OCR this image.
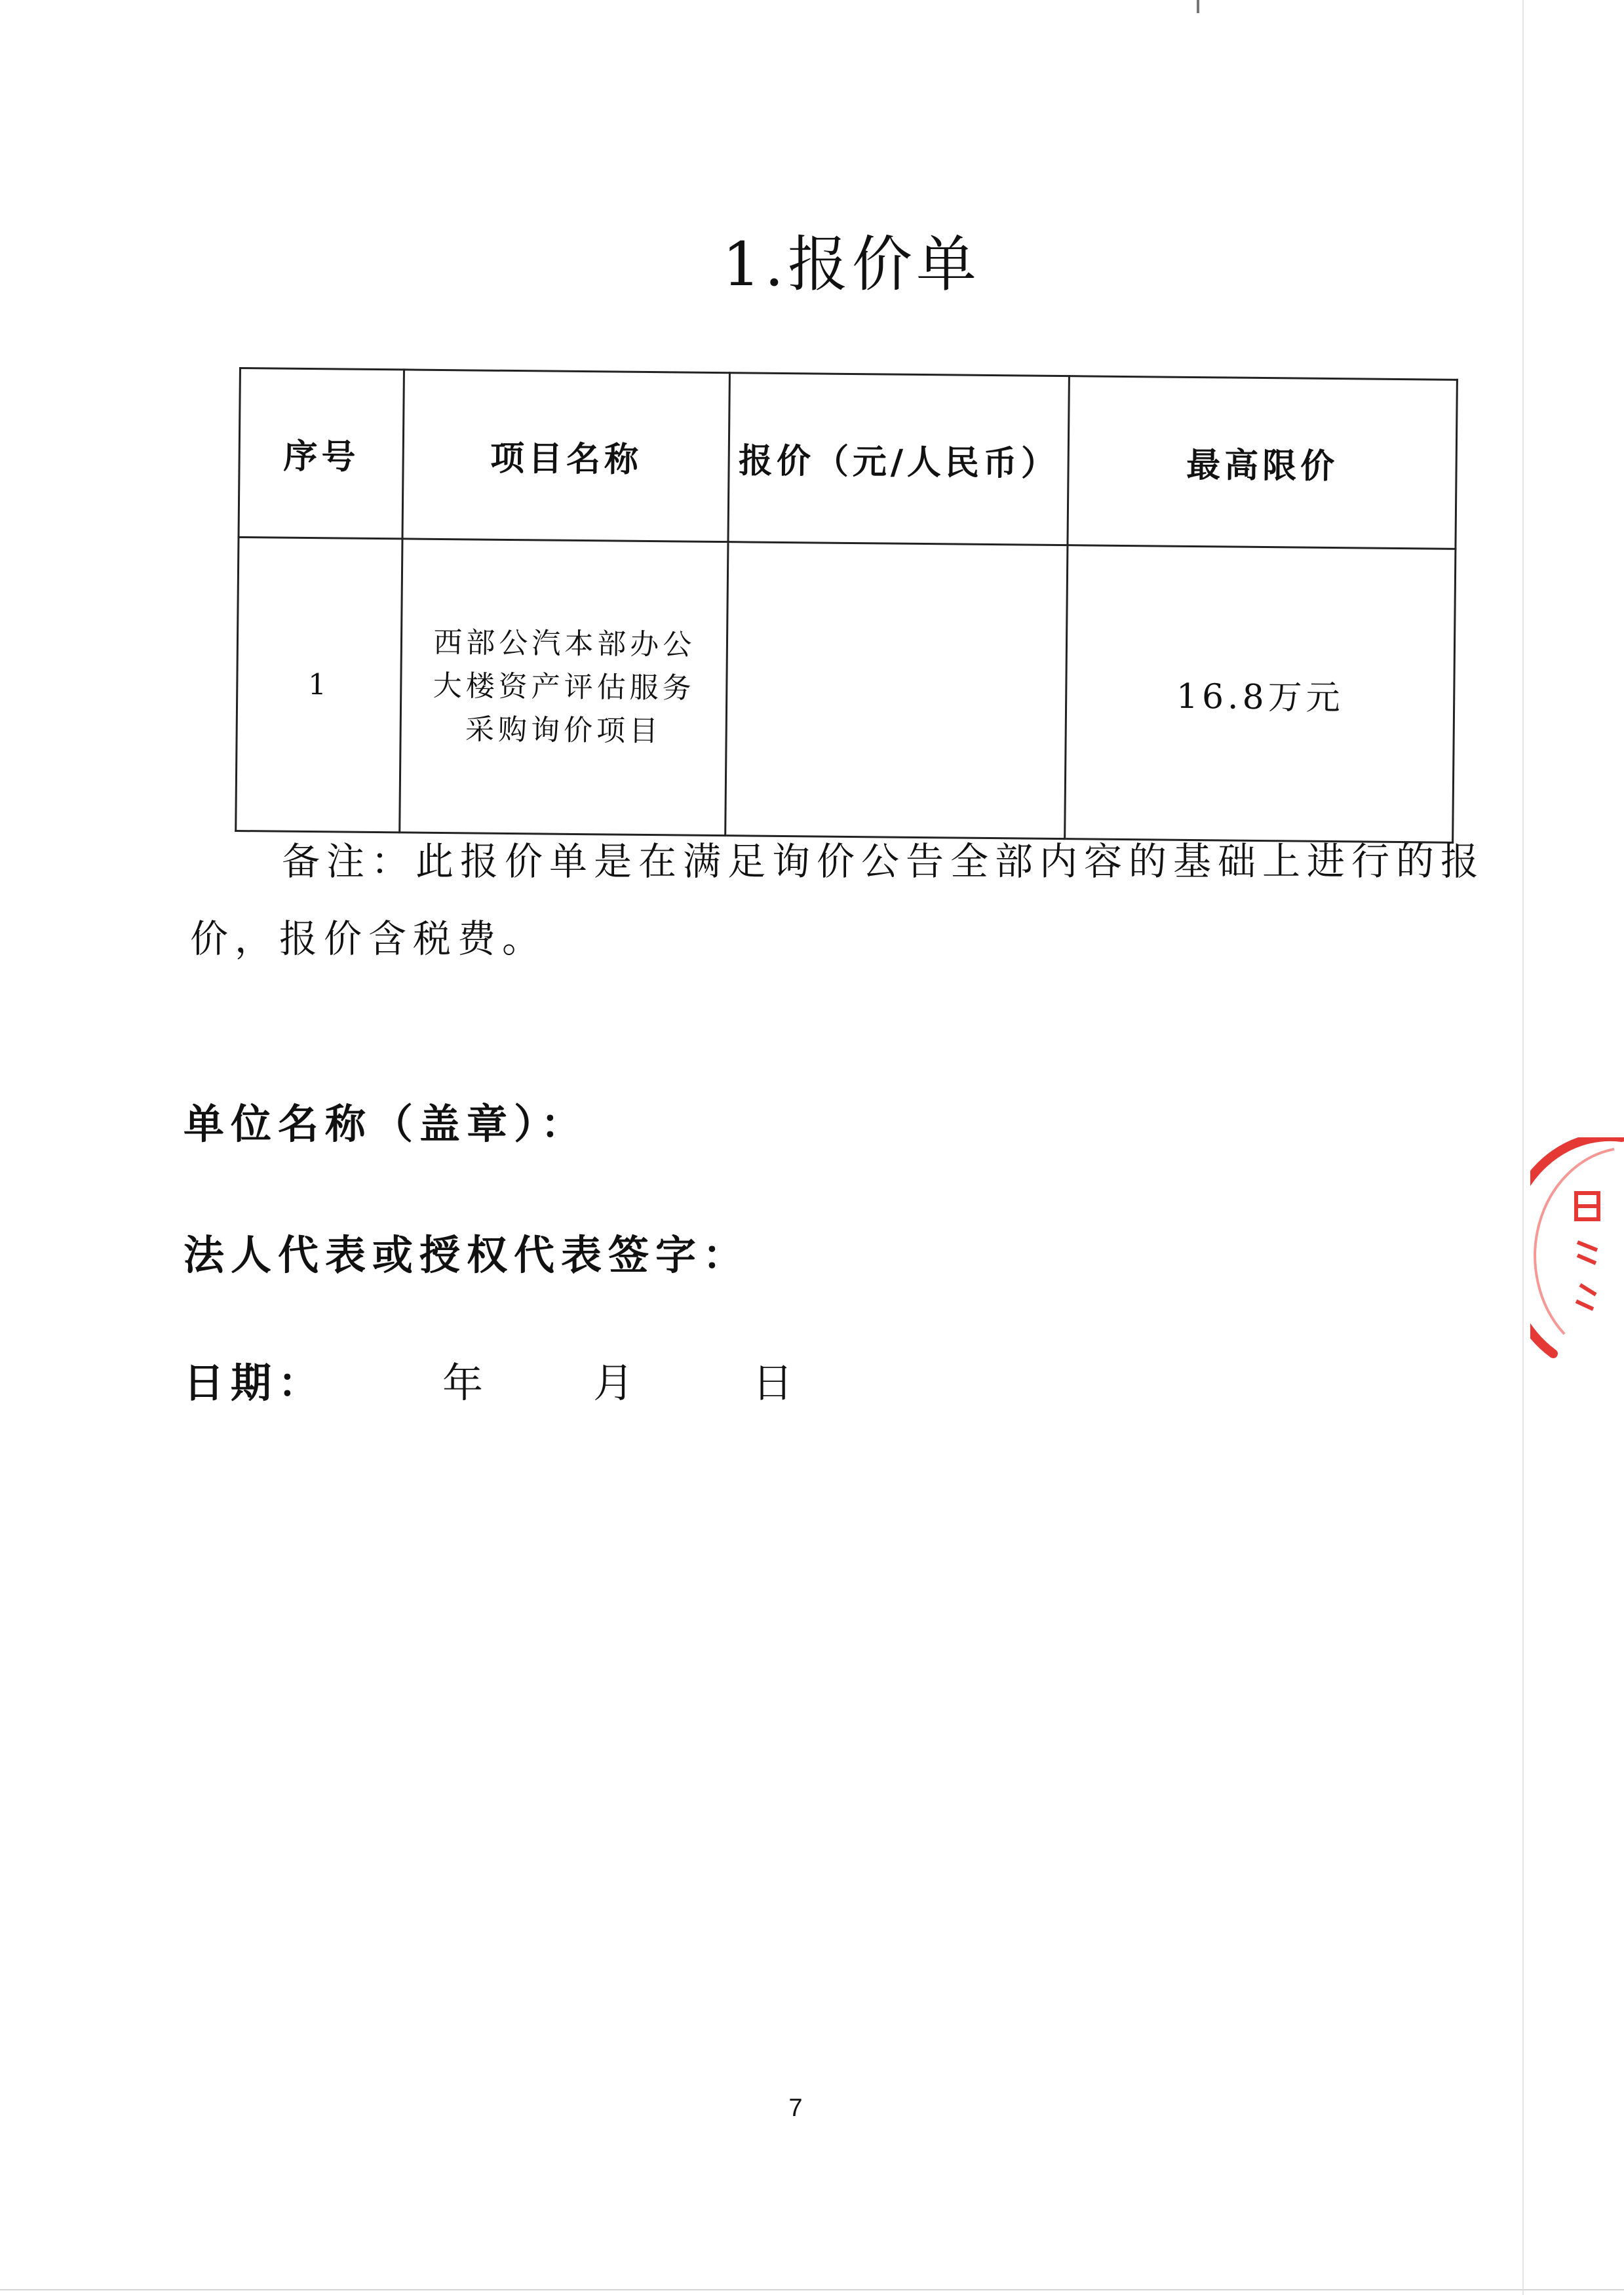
1.报价单
序号	项目名称	报价（元/人民币）	最高限价
1	西部公汽本部办公大楼资产评估服务采购询价项目		16.8万元
备注：此报价单是在满足询价公告全部内容的基础上进行的报价，报价含税费。
单位名称（盖章）：
法人代表或授权代表签字：
日期：	年	月	日
7
